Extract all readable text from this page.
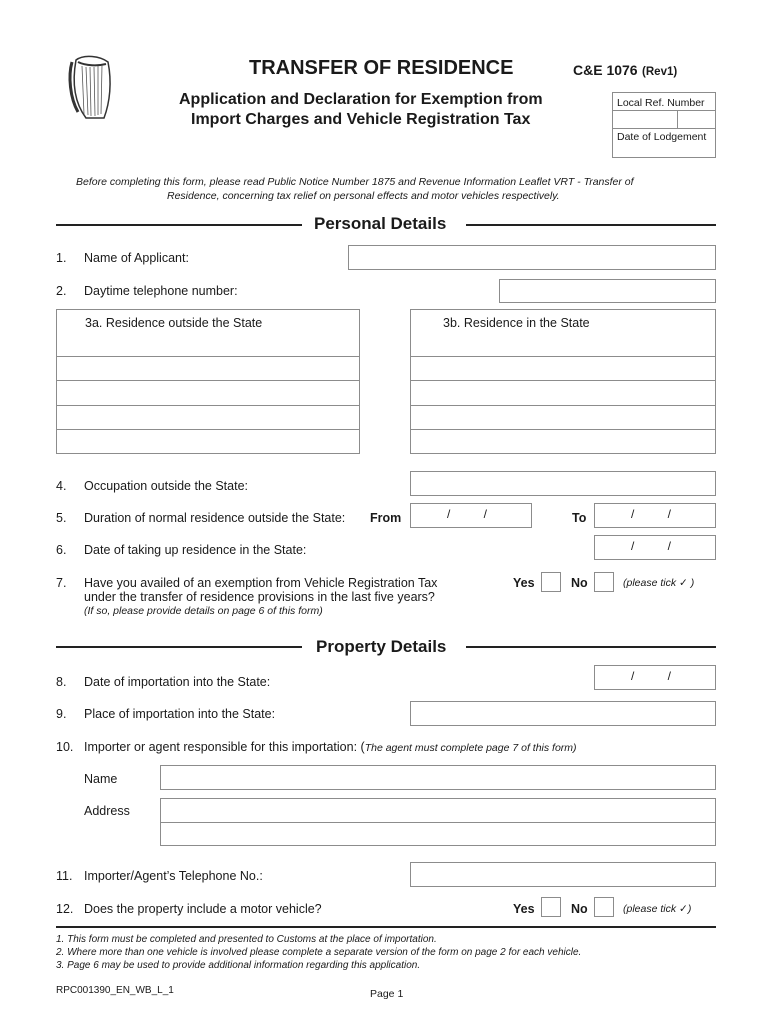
TRANSFER OF RESIDENCE	C&E 1076 (Rev1)
Application and Declaration for Exemption from
Import Charges and Vehicle Registration Tax
Local Ref. Number
Date of Lodgement
Before completing this form, please read Public Notice Number 1875 and Revenue Information Leaflet VRT - Transfer of
Residence, concerning tax relief on personal effects and motor vehicles respectively.
Personal Details
1. Name of Applicant:
2. Daytime telephone number:
3a. Residence outside the State	3b. Residence in the State
4. Occupation outside the State:
5. Duration of normal residence outside the State: From	/          /	To	/          /
6. Date of taking up residence in the State:	/          /
7. Have you availed of an exemption from Vehicle Registration Tax
under the transfer of residence provisions in the last five years?
(If so, please provide details on page 6 of this form)
Yes	No	(please tick ✓ )
Property Details
8. Date of importation into the State:	/          /
9. Place of importation into the State:
10. Importer or agent responsible for this importation: (The agent must complete page 7 of this form)
Name
Address
11. Importer/Agent’s Telephone No.:
12. Does the property include a motor vehicle?	Yes	No	(please tick ✓)
1. This form must be completed and presented to Customs at the place of importation.
2. Where more than one vehicle is involved please complete a separate version of the form on page 2 for each vehicle.
3. Page 6 may be used to provide additional information regarding this application.
RPC001390_EN_WB_L_1	Page 1
